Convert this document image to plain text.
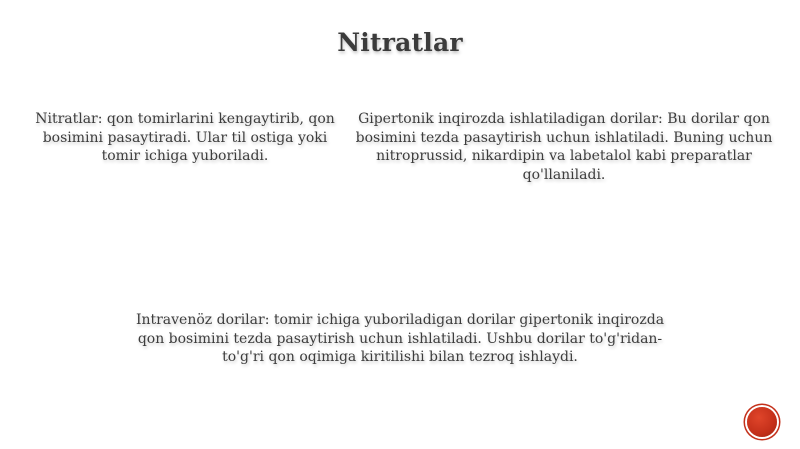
Nitratlar

Nitratlar: qon tomirlarini kengaytirib, qon bosimini pasaytiradi. Ular til ostiga yoki tomir ichiga yuboriladi.

Gipertonik inqirozda ishlatiladigan dorilar: Bu dorilar qon bosimini tezda pasaytirish uchun ishlatiladi. Buning uchun nitroprussid, nikardipin va labetalol kabi preparatlar qo'llaniladi.

Intravenöz dorilar: tomir ichiga yuboriladigan dorilar gipertonik inqirozda qon bosimini tezda pasaytirish uchun ishlatiladi. Ushbu dorilar to'g'ridan-to'g'ri qon oqimiga kiritilishi bilan tezroq ishlaydi.
